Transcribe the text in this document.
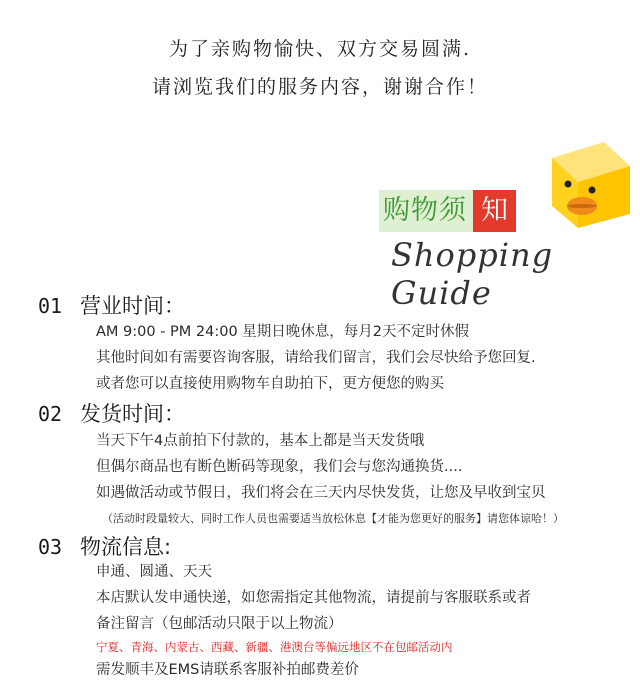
为了亲购物愉快、双方交易圆满.
请浏览我们的服务内容，谢谢合作！
购物须 知
Shopping Guide
01 营业时间：
AM 9:00 - PM 24:00 星期日晚休息，每月2天不定时休假
其他时间如有需要咨询客服，请给我们留言，我们会尽快给予您回复.
或者您可以直接使用购物车自助拍下，更方便您的购买
02 发货时间：
当天下午4点前拍下付款的，基本上都是当天发货哦
但偶尔商品也有断色断码等现象，我们会与您沟通换货....
如遇做活动或节假日，我们将会在三天内尽快发货，让您及早收到宝贝
（活动时段量较大、同时工作人员也需要适当放松休息【才能为您更好的服务】请您体谅哈！）
03 物流信息:
申通、圆通、天天
本店默认发申通快递，如您需指定其他物流，请提前与客服联系或者
备注留言（包邮活动只限于以上物流）
宁夏、青海、内蒙古、西藏、新疆、港澳台等偏远地区不在包邮活动内
需发顺丰及EMS请联系客服补拍邮费差价
